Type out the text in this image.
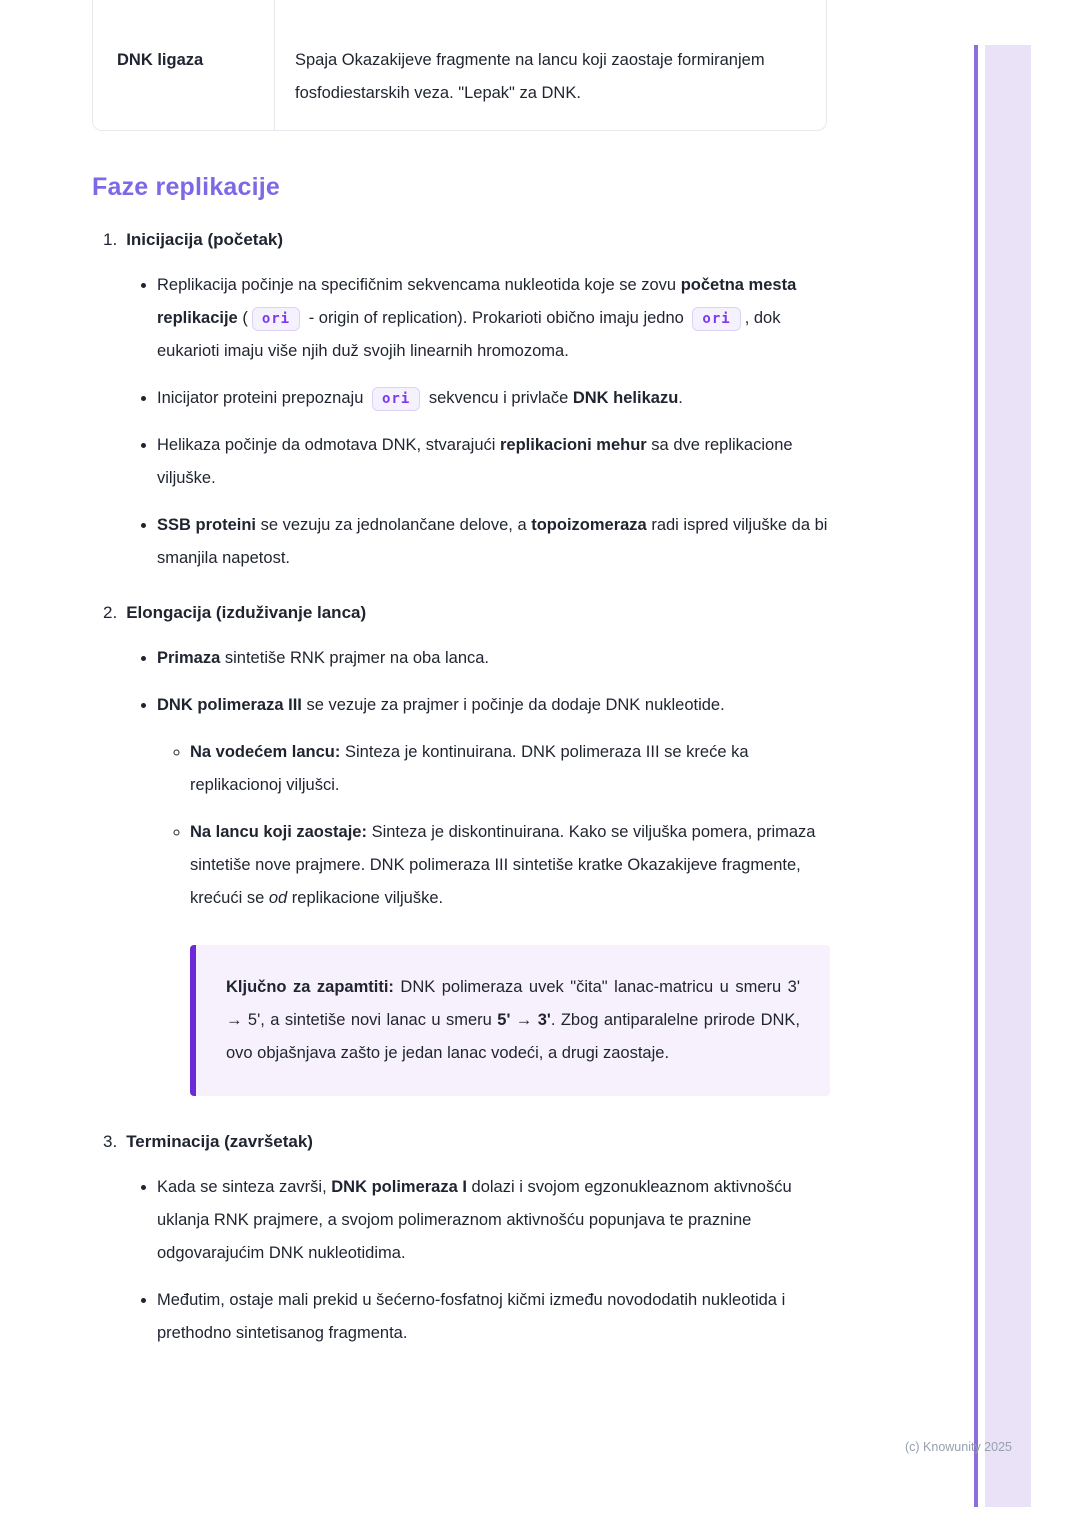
DNK ligaza	Spaja Okazakijeve fragmente na lancu koji zaostaje formiranjem fosfodiestarskih veza. "Lepak" za DNK.
Faze replikacije
1. Inicijacija (početak)
• Replikacija počinje na specifičnim sekvencama nukleotida koje se zovu početna mesta replikacije ( ori - origin of replication). Prokarioti obično imaju jedno ori , dok eukarioti imaju više njih duž svojih linearnih hromozoma.
• Inicijator proteini prepoznaju ori sekvencu i privlače DNK helikazu.
• Helikaza počinje da odmotava DNK, stvarajući replikacioni mehur sa dve replikacione viljuške.
• SSB proteini se vezuju za jednolančane delove, a topoizomeraza radi ispred viljuške da bi smanjila napetost.
2. Elongacija (izduživanje lanca)
• Primaza sintetiše RNK prajmer na oba lanca.
• DNK polimeraza III se vezuje za prajmer i počinje da dodaje DNK nukleotide.
◦ Na vodećem lancu: Sinteza je kontinuirana. DNK polimeraza III se kreće ka replikacionoj viljušci.
◦ Na lancu koji zaostaje: Sinteza je diskontinuirana. Kako se viljuška pomera, primaza sintetiše nove prajmere. DNK polimeraza III sintetiše kratke Okazakijeve fragmente, krećući se od replikacione viljuške.
Ključno za zapamtiti: DNK polimeraza uvek "čita" lanac-matricu u smeru 3' → 5', a sintetiše novi lanac u smeru 5' → 3'. Zbog antiparalelne prirode DNK, ovo objašnjava zašto je jedan lanac vodeći, a drugi zaostaje.
3. Terminacija (završetak)
• Kada se sinteza završi, DNK polimeraza I dolazi i svojom egzonukleaznom aktivnošću uklanja RNK prajmere, a svojom polimeraznom aktivnošću popunjava te praznine odgovarajućim DNK nukleotidima.
• Međutim, ostaje mali prekid u šećerno-fosfatnoj kičmi između novododatih nukleotida i prethodno sintetisanog fragmenta.
(c) Knowunity 2025
